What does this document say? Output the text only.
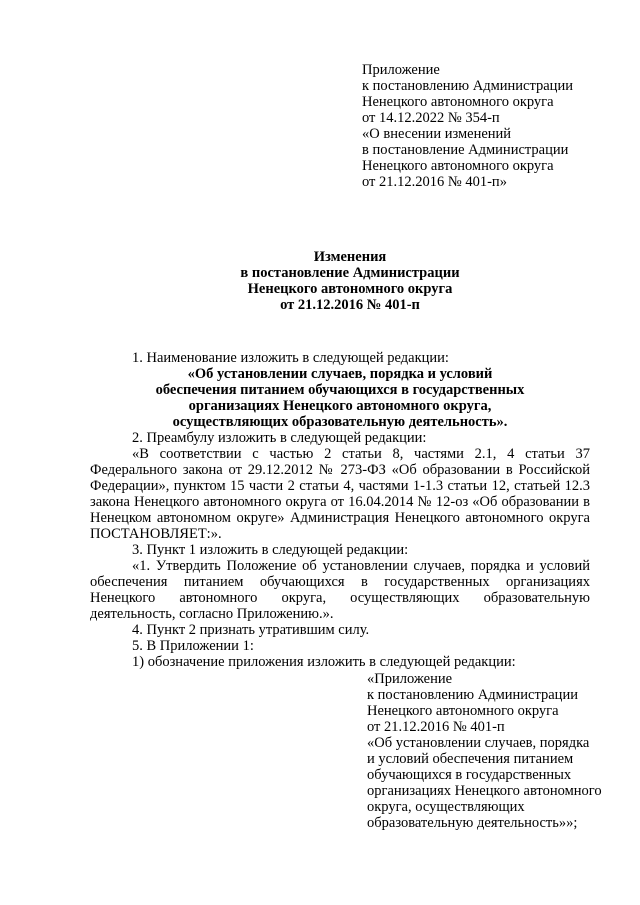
Приложение
к постановлению Администрации
Ненецкого автономного округа
от 14.12.2022 № 354-п
«О внесении изменений
в постановление Администрации
Ненецкого автономного округа
от 21.12.2016 № 401-п»
Изменения
в постановление Администрации
Ненецкого автономного округа
от 21.12.2016 № 401-п
1. Наименование изложить в следующей редакции:
«Об установлении случаев, порядка и условий
обеспечения питанием обучающихся в государственных
организациях Ненецкого автономного округа,
осуществляющих образовательную деятельность».
2. Преамбулу изложить в следующей редакции:
«В соответствии с частью 2 статьи 8, частями 2.1, 4 статьи 37 Федерального закона от 29.12.2012 № 273-ФЗ «Об образовании в Российской Федерации», пунктом 15 части 2 статьи 4, частями 1-1.3 статьи 12, статьей 12.3 закона Ненецкого автономного округа от 16.04.2014 № 12-оз «Об образовании в Ненецком автономном округе» Администрация Ненецкого автономного округа ПОСТАНОВЛЯЕТ:».
3. Пункт 1 изложить в следующей редакции:
«1. Утвердить Положение об установлении случаев, порядка и условий обеспечения питанием обучающихся в государственных организациях Ненецкого автономного округа, осуществляющих образовательную деятельность, согласно Приложению.».
4. Пункт 2 признать утратившим силу.
5. В Приложении 1:
1) обозначение приложения изложить в следующей редакции:
«Приложение
к постановлению Администрации
Ненецкого автономного округа
от 21.12.2016 № 401-п
«Об установлении случаев, порядка
и условий обеспечения питанием
обучающихся в государственных
организациях Ненецкого автономного
округа, осуществляющих
образовательную деятельность»»;
